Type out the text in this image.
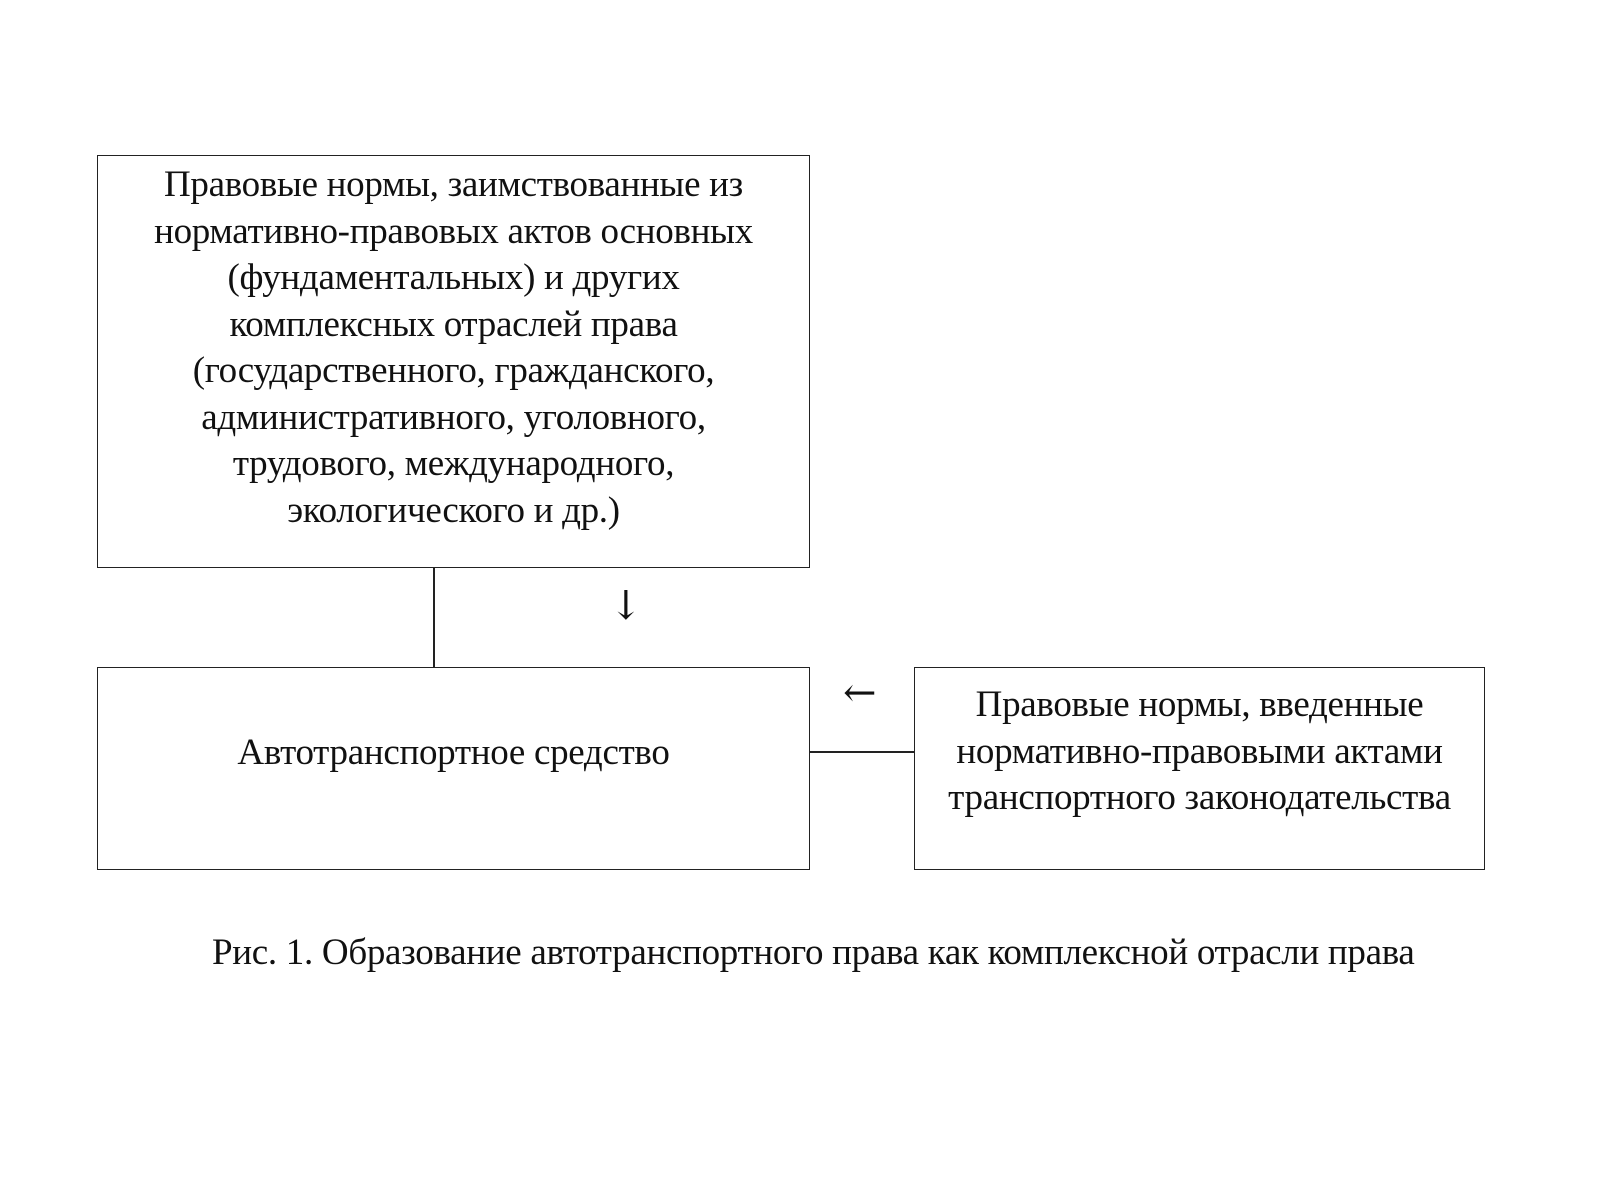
Правовые нормы, заимствованные из
нормативно-правовых актов основных
(фундаментальных) и других
комплексных отраслей права
(государственного, гражданского,
административного, уголовного,
трудового, международного,
экологического и др.)
↓
Автотранспортное средство
←	Правовые нормы, введенные
нормативно-правовыми актами
транспортного законодательства
Рис. 1. Образование автотранспортного права как комплексной отрасли права
